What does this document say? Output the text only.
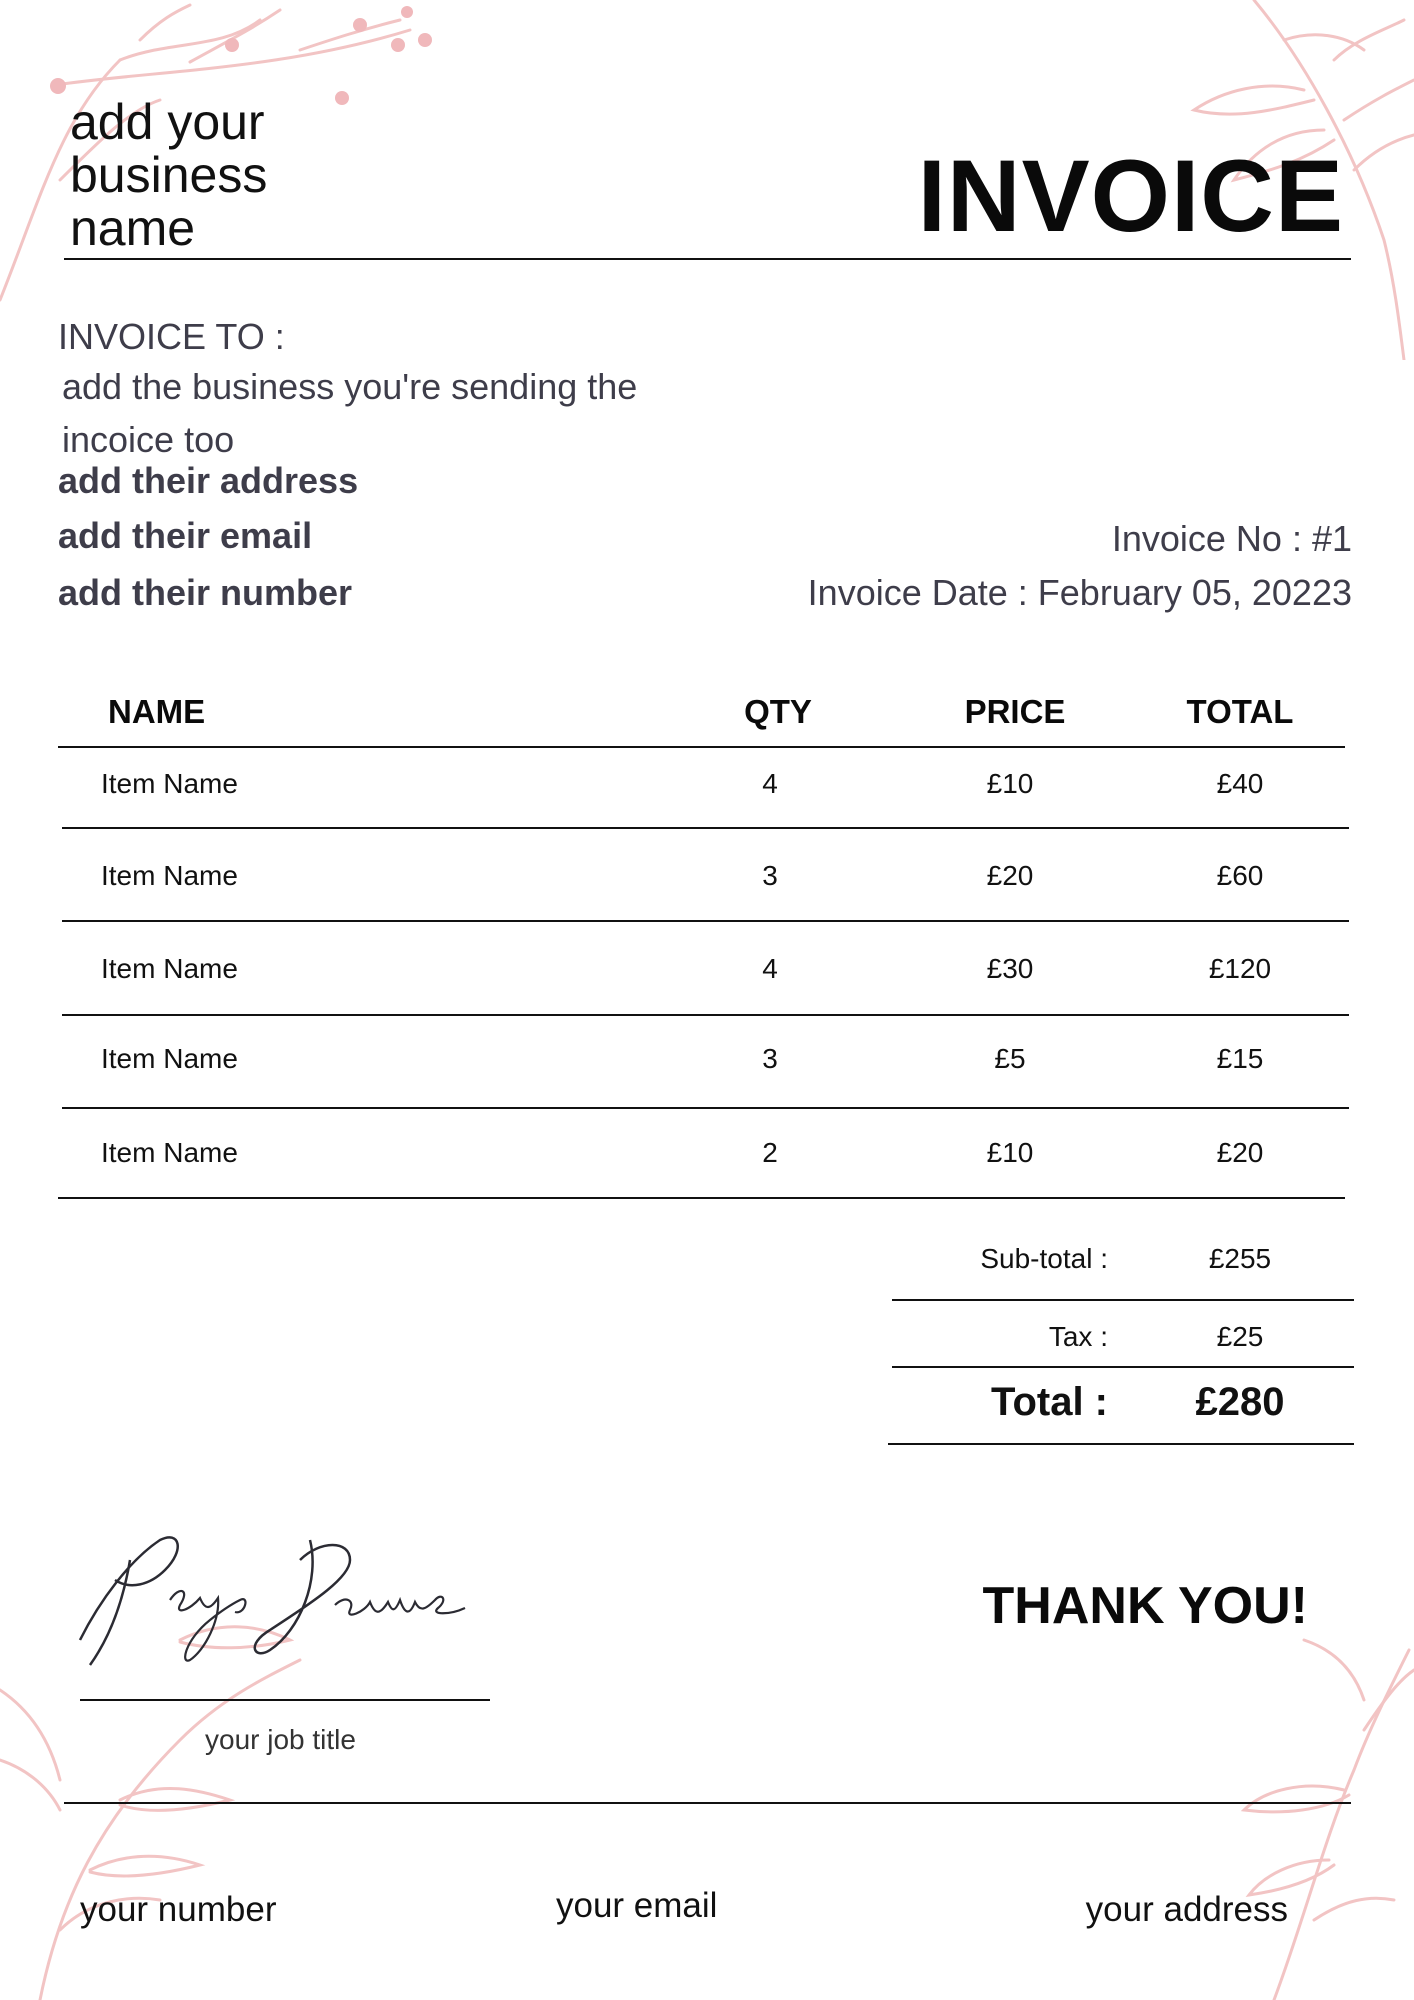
add your business name	INVOICE
INVOICE TO :
add the business you're sending the incoice too
add their address
add their email
add their number
Invoice No : #1
Invoice Date : February 05, 20223
NAME	QTY	PRICE	TOTAL
Item Name	4	£10	£40
Item Name	3	£20	£60
Item Name	4	£30	£120
Item Name	3	£5	£15
Item Name	2	£10	£20
Sub-total :	£255
Tax :	£25
Total :	£280
your job title
THANK YOU!
your number	your email	your address
